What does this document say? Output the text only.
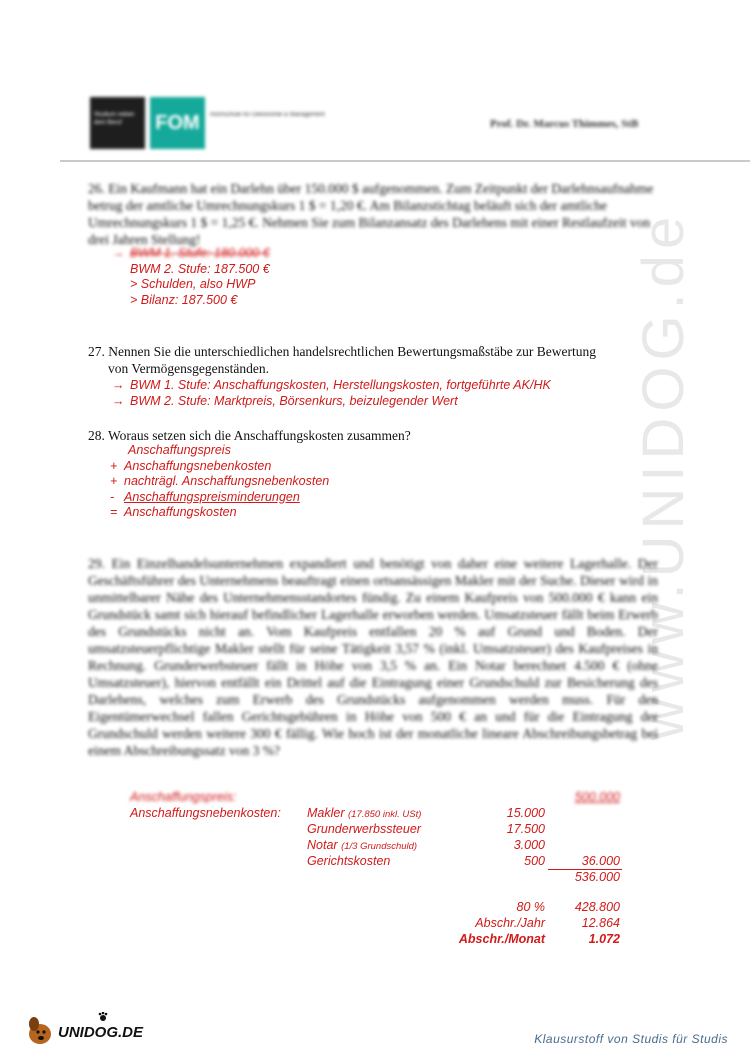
Studium neben dem Beruf	FOM	Hochschule für Oekonomie & Management
Prof. Dr. Marcus Thimmes, StB
www.UNIDOG.de
26. Ein Kaufmann hat ein Darlehn über 150.000 $ aufgenommen. Zum Zeitpunkt der Darlehnsaufnahme betrug der amtliche Umrechnungskurs 1 $ = 1,20 €. Am Bilanzstichtag beläuft sich der amtliche Umrechnungskurs 1 $ = 1,25 €. Nehmen Sie zum Bilanzansatz des Darlehens mit einer Restlaufzeit von drei Jahren Stellung!
→ BWM 1. Stufe: 180.000 €
BWM 2. Stufe: 187.500 €
> Schulden, also HWP
> Bilanz: 187.500 €
27. Nennen Sie die unterschiedlichen handelsrechtlichen Bewertungsmaßstäbe zur Bewertung
von Vermögensgegenständen.
→ BWM 1. Stufe: Anschaffungskosten, Herstellungskosten, fortgeführte AK/HK
→ BWM 2. Stufe: Marktpreis, Börsenkurs, beizulegender Wert
28. Woraus setzen sich die Anschaffungskosten zusammen?
Anschaffungspreis
+ Anschaffungsnebenkosten
+ nachträgl. Anschaffungsnebenkosten
- Anschaffungspreisminderungen
= Anschaffungskosten
29. Ein Einzelhandelsunternehmen expandiert und benötigt von daher eine weitere Lagerhalle. Der Geschäftsführer des Unternehmens beauftragt einen ortsansässigen Makler mit der Suche. Dieser wird in unmittelbarer Nähe des Unternehmensstandortes fündig. Zu einem Kaufpreis von 500.000 € kann ein Grundstück samt sich hierauf befindlicher Lagerhalle erworben werden. Umsatzsteuer fällt beim Erwerb des Grundstücks nicht an. Vom Kaufpreis entfallen 20 % auf Grund und Boden. Der umsatzsteuerpflichtige Makler stellt für seine Tätigkeit 3,57 % (inkl. Umsatzsteuer) des Kaufpreises in Rechnung. Grunderwerbsteuer fällt in Höhe von 3,5 % an. Ein Notar berechnet 4.500 € (ohne Umsatzsteuer), hiervon entfällt ein Drittel auf die Eintragung einer Grundschuld zur Besicherung des Darlehens, welches zum Erwerb des Grundstücks aufgenommen werden muss. Für den Eigentümerwechsel fallen Gerichtsgebühren in Höhe von 500 € an und für die Eintragung der Grundschuld werden weitere 300 € fällig. Wie hoch ist der monatliche lineare Abschreibungsbetrag bei einem Abschreibungssatz von 3 %?
Anschaffungspreis:	500.000
Anschaffungsnebenkosten: Makler (17.850 inkl. USt)	15.000
Grunderwerbssteuer	17.500
Notar (1/3 Grundschuld)	3.000
Gerichtskosten	500	36.000
536.000
80 %	428.800
Abschr./Jahr	12.864
Abschr./Monat	1.072
UNIDOG.DE	Klausurstoff von Studis für Studis
